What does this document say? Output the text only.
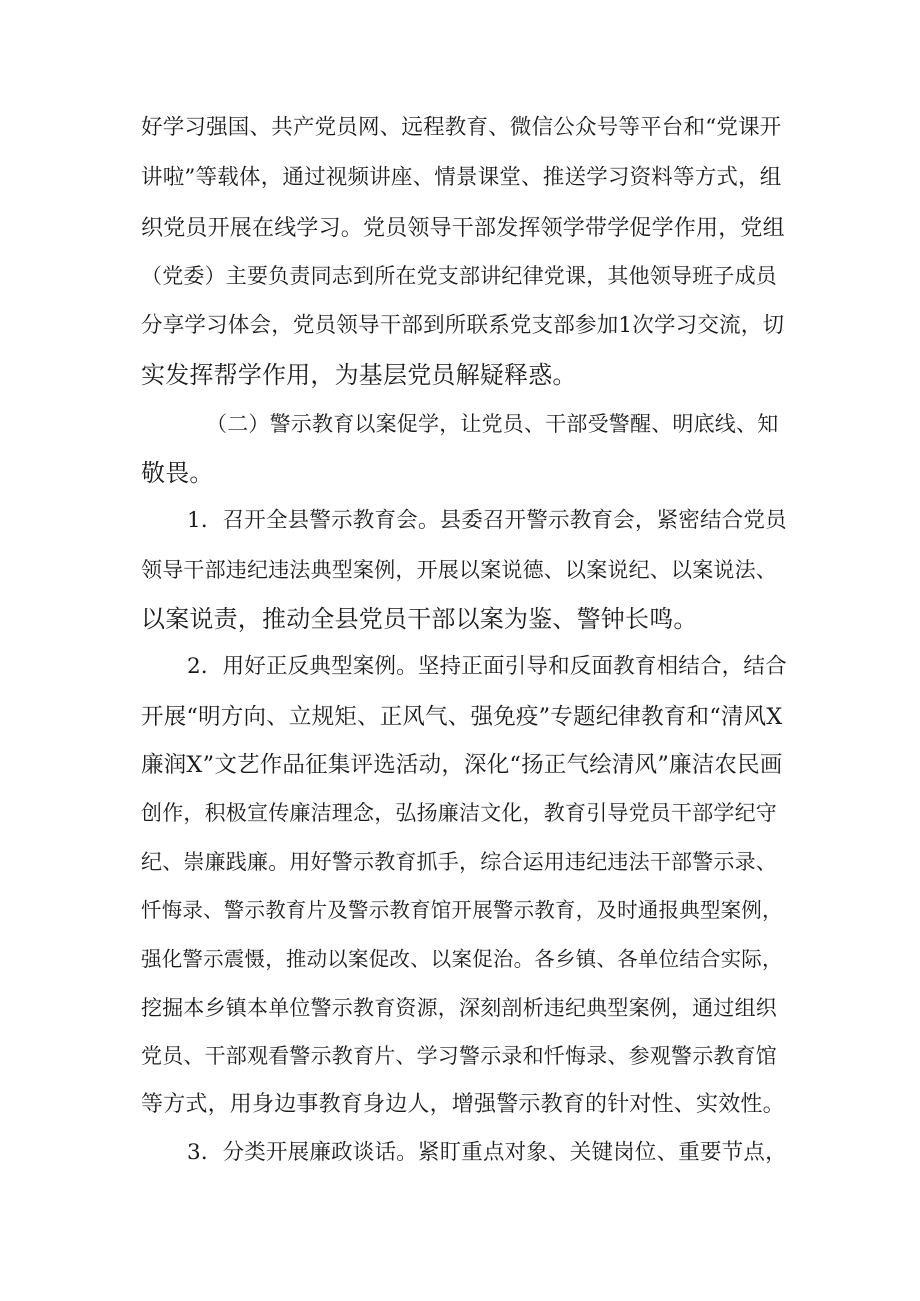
好学习强国、共产党员网、远程教育、微信公众号等平台和“党课开
讲啦”等载体，通过视频讲座、情景课堂、推送学习资料等方式，组
织党员开展在线学习。党员领导干部发挥领学带学促学作用，党组
（党委）主要负责同志到所在党支部讲纪律党课，其他领导班子成员
分享学习体会，党员领导干部到所联系党支部参加1次学习交流，切
实发挥帮学作用，为基层党员解疑释惑。
（二）警示教育以案促学，让党员、干部受警醒、明底线、知
敬畏。
1．召开全县警示教育会。县委召开警示教育会，紧密结合党员
领导干部违纪违法典型案例，开展以案说德、以案说纪、以案说法、
以案说责，推动全县党员干部以案为鉴、警钟长鸣。
2．用好正反典型案例。坚持正面引导和反面教育相结合，结合
开展“明方向、立规矩、正风气、强免疫”专题纪律教育和“清风X
廉润X”文艺作品征集评选活动，深化“扬正气绘清风”廉洁农民画
创作，积极宣传廉洁理念，弘扬廉洁文化，教育引导党员干部学纪守
纪、崇廉践廉。用好警示教育抓手，综合运用违纪违法干部警示录、
忏悔录、警示教育片及警示教育馆开展警示教育，及时通报典型案例，
强化警示震慑，推动以案促改、以案促治。各乡镇、各单位结合实际，
挖掘本乡镇本单位警示教育资源，深刻剖析违纪典型案例，通过组织
党员、干部观看警示教育片、学习警示录和忏悔录、参观警示教育馆
等方式，用身边事教育身边人，增强警示教育的针对性、实效性。
3．分类开展廉政谈话。紧盯重点对象、关键岗位、重要节点，
